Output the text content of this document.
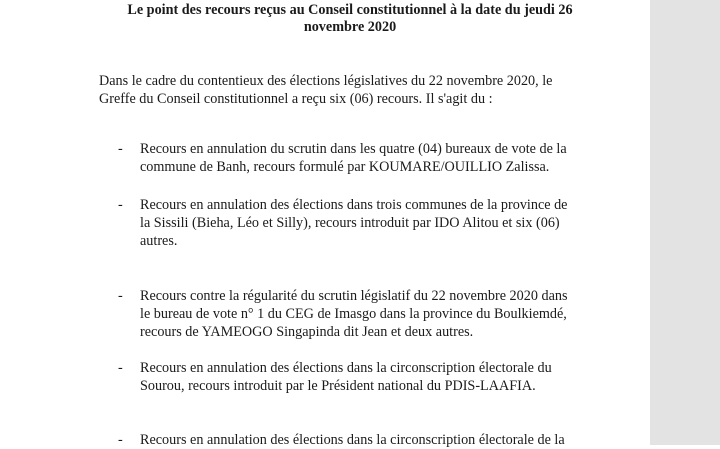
Le point des recours reçus au Conseil constitutionnel à la date du jeudi 26
novembre 2020
Dans le cadre du contentieux des élections législatives du 22 novembre 2020, le
Greffe du Conseil constitutionnel a reçu six (06) recours. Il s'agit du :
- Recours en annulation du scrutin dans les quatre (04) bureaux de vote de la
commune de Banh, recours formulé par KOUMARE/OUILLIO Zalissa.
- Recours en annulation des élections dans trois communes de la province de
la Sissili (Bieha, Léo et Silly), recours introduit par IDO Alitou et six (06)
autres.
- Recours contre la régularité du scrutin législatif du 22 novembre 2020 dans
le bureau de vote n° 1 du CEG de Imasgo dans la province du Boulkiemdé,
recours de YAMEOGO Singapinda dit Jean et deux autres.
- Recours en annulation des élections dans la circonscription électorale du
Sourou, recours introduit par le Président national du PDIS-LAAFIA.
- Recours en annulation des élections dans la circonscription électorale de la
